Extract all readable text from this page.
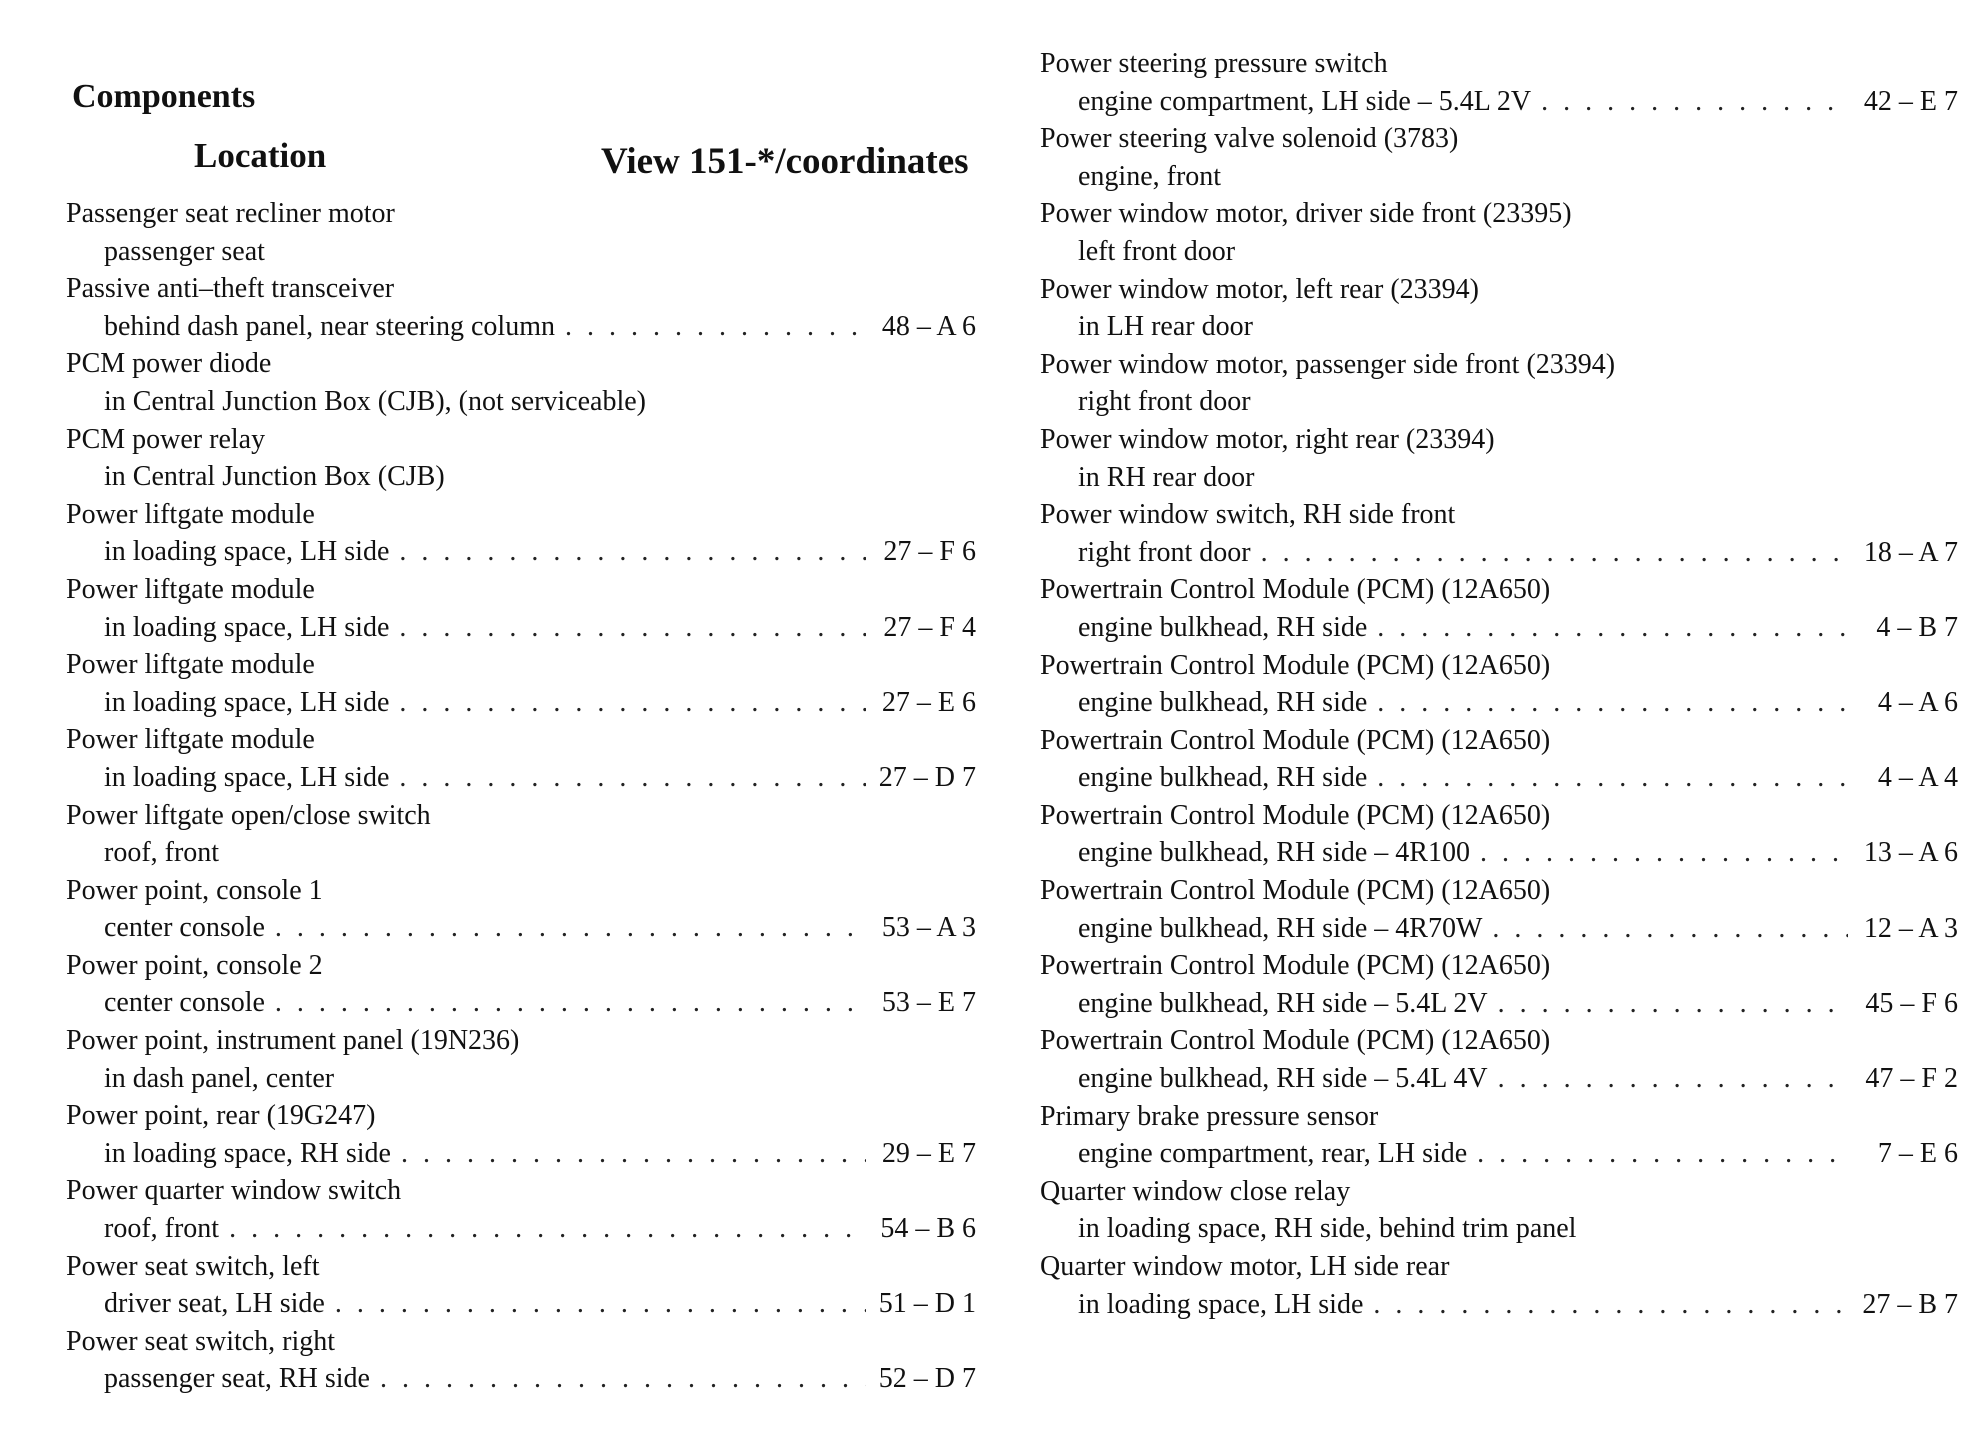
Components
Location	View 151-*/coordinates
Passenger seat recliner motor
passenger seat
Passive anti–theft transceiver
behind dash panel, near steering column . . .	48 – A 6
PCM power diode
in Central Junction Box (CJB), (not serviceable)
PCM power relay
in Central Junction Box (CJB)
Power liftgate module
in loading space, LH side . . .	27 – F 6
Power liftgate module
in loading space, LH side . . .	27 – F 4
Power liftgate module
in loading space, LH side . . .	27 – E 6
Power liftgate module
in loading space, LH side . . .	27 – D 7
Power liftgate open/close switch
roof, front
Power point, console 1
center console . . .	53 – A 3
Power point, console 2
center console . . .	53 – E 7
Power point, instrument panel (19N236)
in dash panel, center
Power point, rear (19G247)
in loading space, RH side . . .	29 – E 7
Power quarter window switch
roof, front . . .	54 – B 6
Power seat switch, left
driver seat, LH side . . .	51 – D 1
Power seat switch, right
passenger seat, RH side . . .	52 – D 7
Power steering pressure switch
engine compartment, LH side – 5.4L 2V . . .	42 – E 7
Power steering valve solenoid (3783)
engine, front
Power window motor, driver side front (23395)
left front door
Power window motor, left rear (23394)
in LH rear door
Power window motor, passenger side front (23394)
right front door
Power window motor, right rear (23394)
in RH rear door
Power window switch, RH side front
right front door . . .	18 – A 7
Powertrain Control Module (PCM) (12A650)
engine bulkhead, RH side . . .	4 – B 7
Powertrain Control Module (PCM) (12A650)
engine bulkhead, RH side . . .	4 – A 6
Powertrain Control Module (PCM) (12A650)
engine bulkhead, RH side . . .	4 – A 4
Powertrain Control Module (PCM) (12A650)
engine bulkhead, RH side – 4R100 . . .	13 – A 6
Powertrain Control Module (PCM) (12A650)
engine bulkhead, RH side – 4R70W . . .	12 – A 3
Powertrain Control Module (PCM) (12A650)
engine bulkhead, RH side – 5.4L 2V . . .	45 – F 6
Powertrain Control Module (PCM) (12A650)
engine bulkhead, RH side – 5.4L 4V . . .	47 – F 2
Primary brake pressure sensor
engine compartment, rear, LH side . . .	7 – E 6
Quarter window close relay
in loading space, RH side, behind trim panel
Quarter window motor, LH side rear
in loading space, LH side . . .	27 – B 7
